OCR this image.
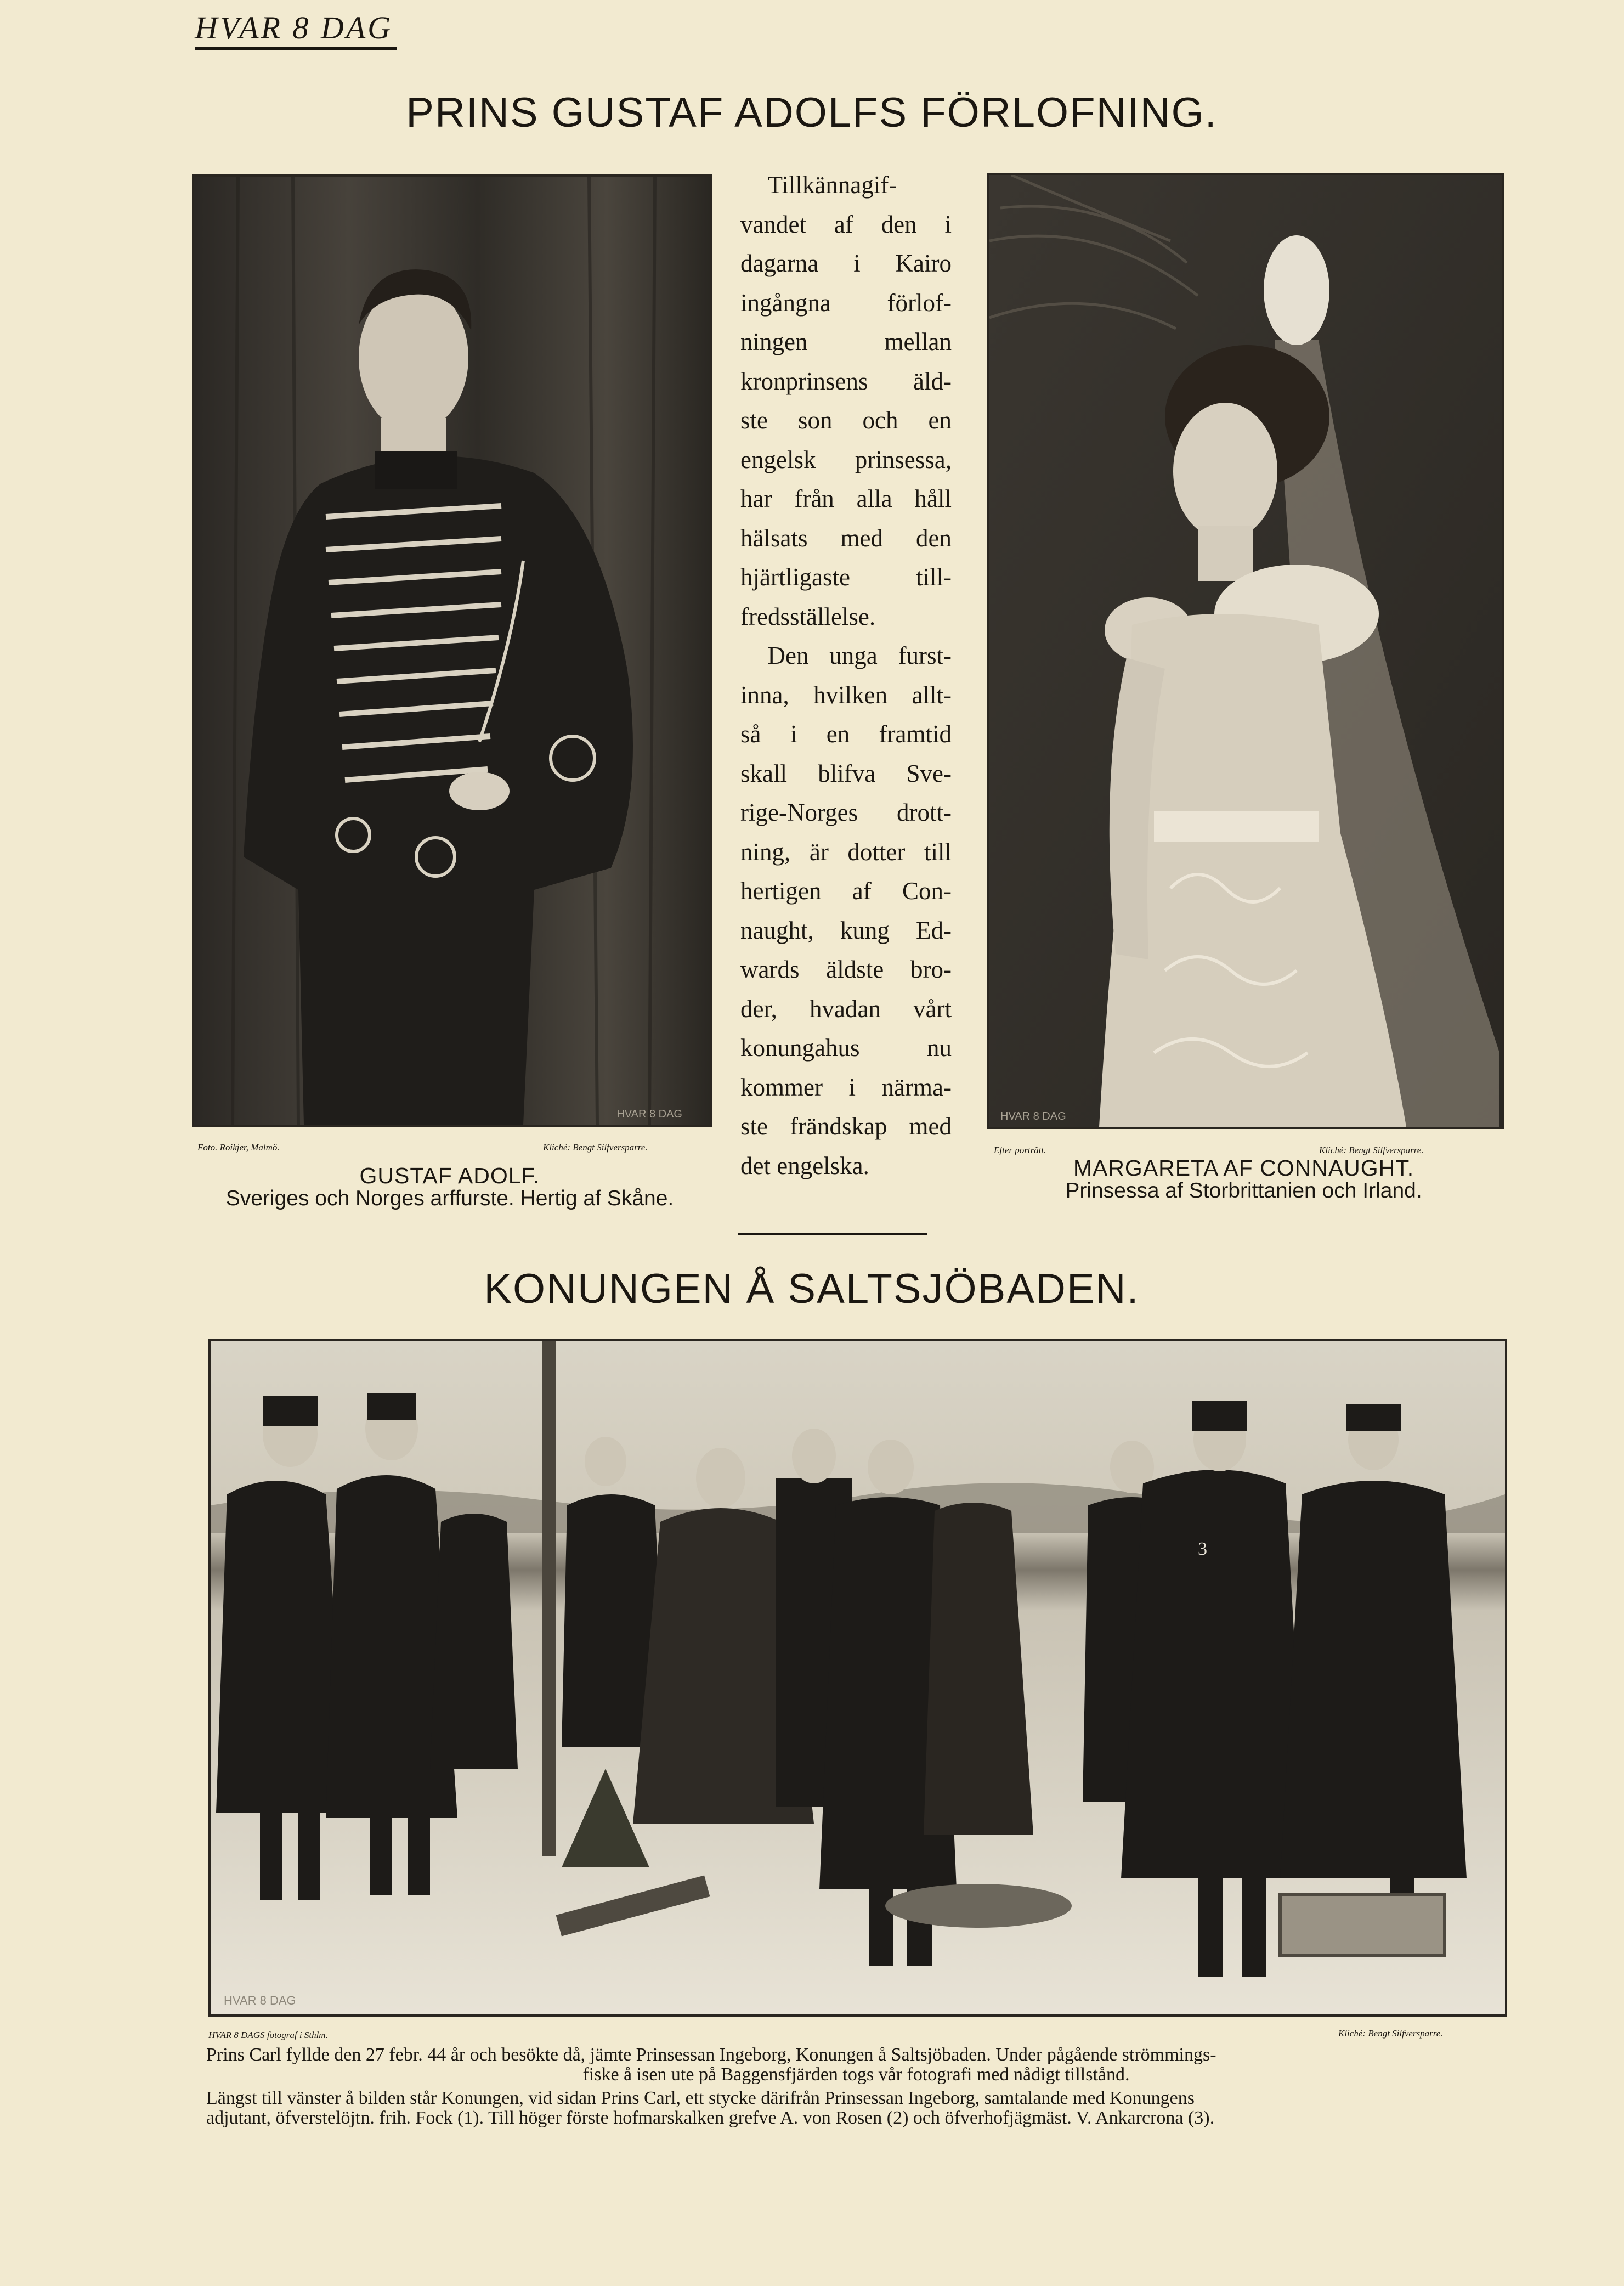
HVAR 8 DAG
PRINS GUSTAF ADOLFS FÖRLOFNING.
HVAR 8 DAG
Foto. Roikjer, Malmö.	Kliché: Bengt Silfversparre.
GUSTAF ADOLF.
Sveriges och Norges arffurste. Hertig af Skåne.
Tillkännagif-
vandet af den i
dagarna i Kairo
ingångna förlof-
ningen mellan
kronprinsens äld-
ste son och en
engelsk prinsessa,
har från alla håll
hälsats med den
hjärtligaste till-
fredsställelse.
Den unga furst-
inna, hvilken allt-
så i en framtid
skall blifva Sve-
rige-Norges drott-
ning, är dotter till
hertigen af Con-
naught, kung Ed-
wards äldste bro-
der, hvadan vårt
konungahus nu
kommer i närma-
ste frändskap med
det engelska.
HVAR 8 DAG
Efter porträtt.	Kliché: Bengt Silfversparre.
MARGARETA AF CONNAUGHT.
Prinsessa af Storbrittanien och Irland.
KONUNGEN Å SALTSJÖBADEN.
3
HVAR 8 DAG
HVAR 8 DAGS fotograf i Sthlm.	Kliché: Bengt Silfversparre.

Prins Carl fyllde den 27 febr. 44 år och besökte då, jämte Prinsessan Ingeborg, Konungen å Saltsjöbaden. Under pågående strömmings-

fiske å isen ute på Baggensfjärden togs vår fotografi med nådigt tillstånd.

Längst till vänster å bilden står Konungen, vid sidan Prins Carl, ett stycke därifrån Prinsessan Ingeborg, samtalande med Konungens

adjutant, öfverstelöjtn. frih. Fock (1). Till höger förste hofmarskalken grefve A. von Rosen (2) och öfverhofjägmäst. V. Ankarcrona (3).
